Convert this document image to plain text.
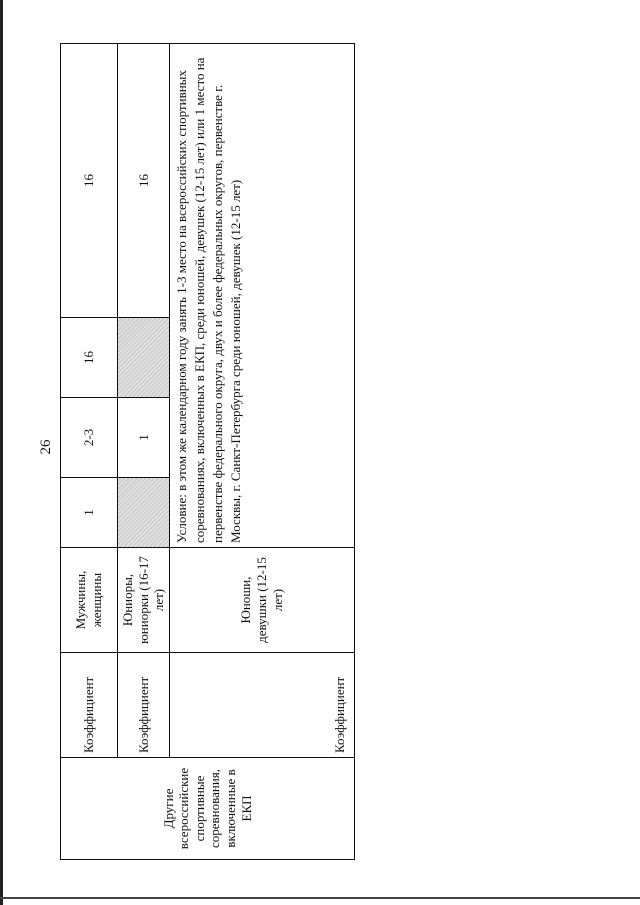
26
Другие всероссийские спортивные соревнования, включенные в ЕКП	Коэффициент	Мужчины, женщины	1	2-3	16	16
	Коэффициент	Юниоры, юниорки (16-17 лет)		1		16
	Коэффициент	Юноши, девушки (12-15 лет)	Условие: в этом же календарном году занять 1-3 место на всероссийских спортивных соревнованиях, включенных в ЕКП, среди юношей, девушек (12-15 лет) или 1 место на первенстве федерального округа, двух и более федеральных округов, первенстве г. Москвы, г. Санкт-Петербурга среди юношей, девушек (12-15 лет)			
